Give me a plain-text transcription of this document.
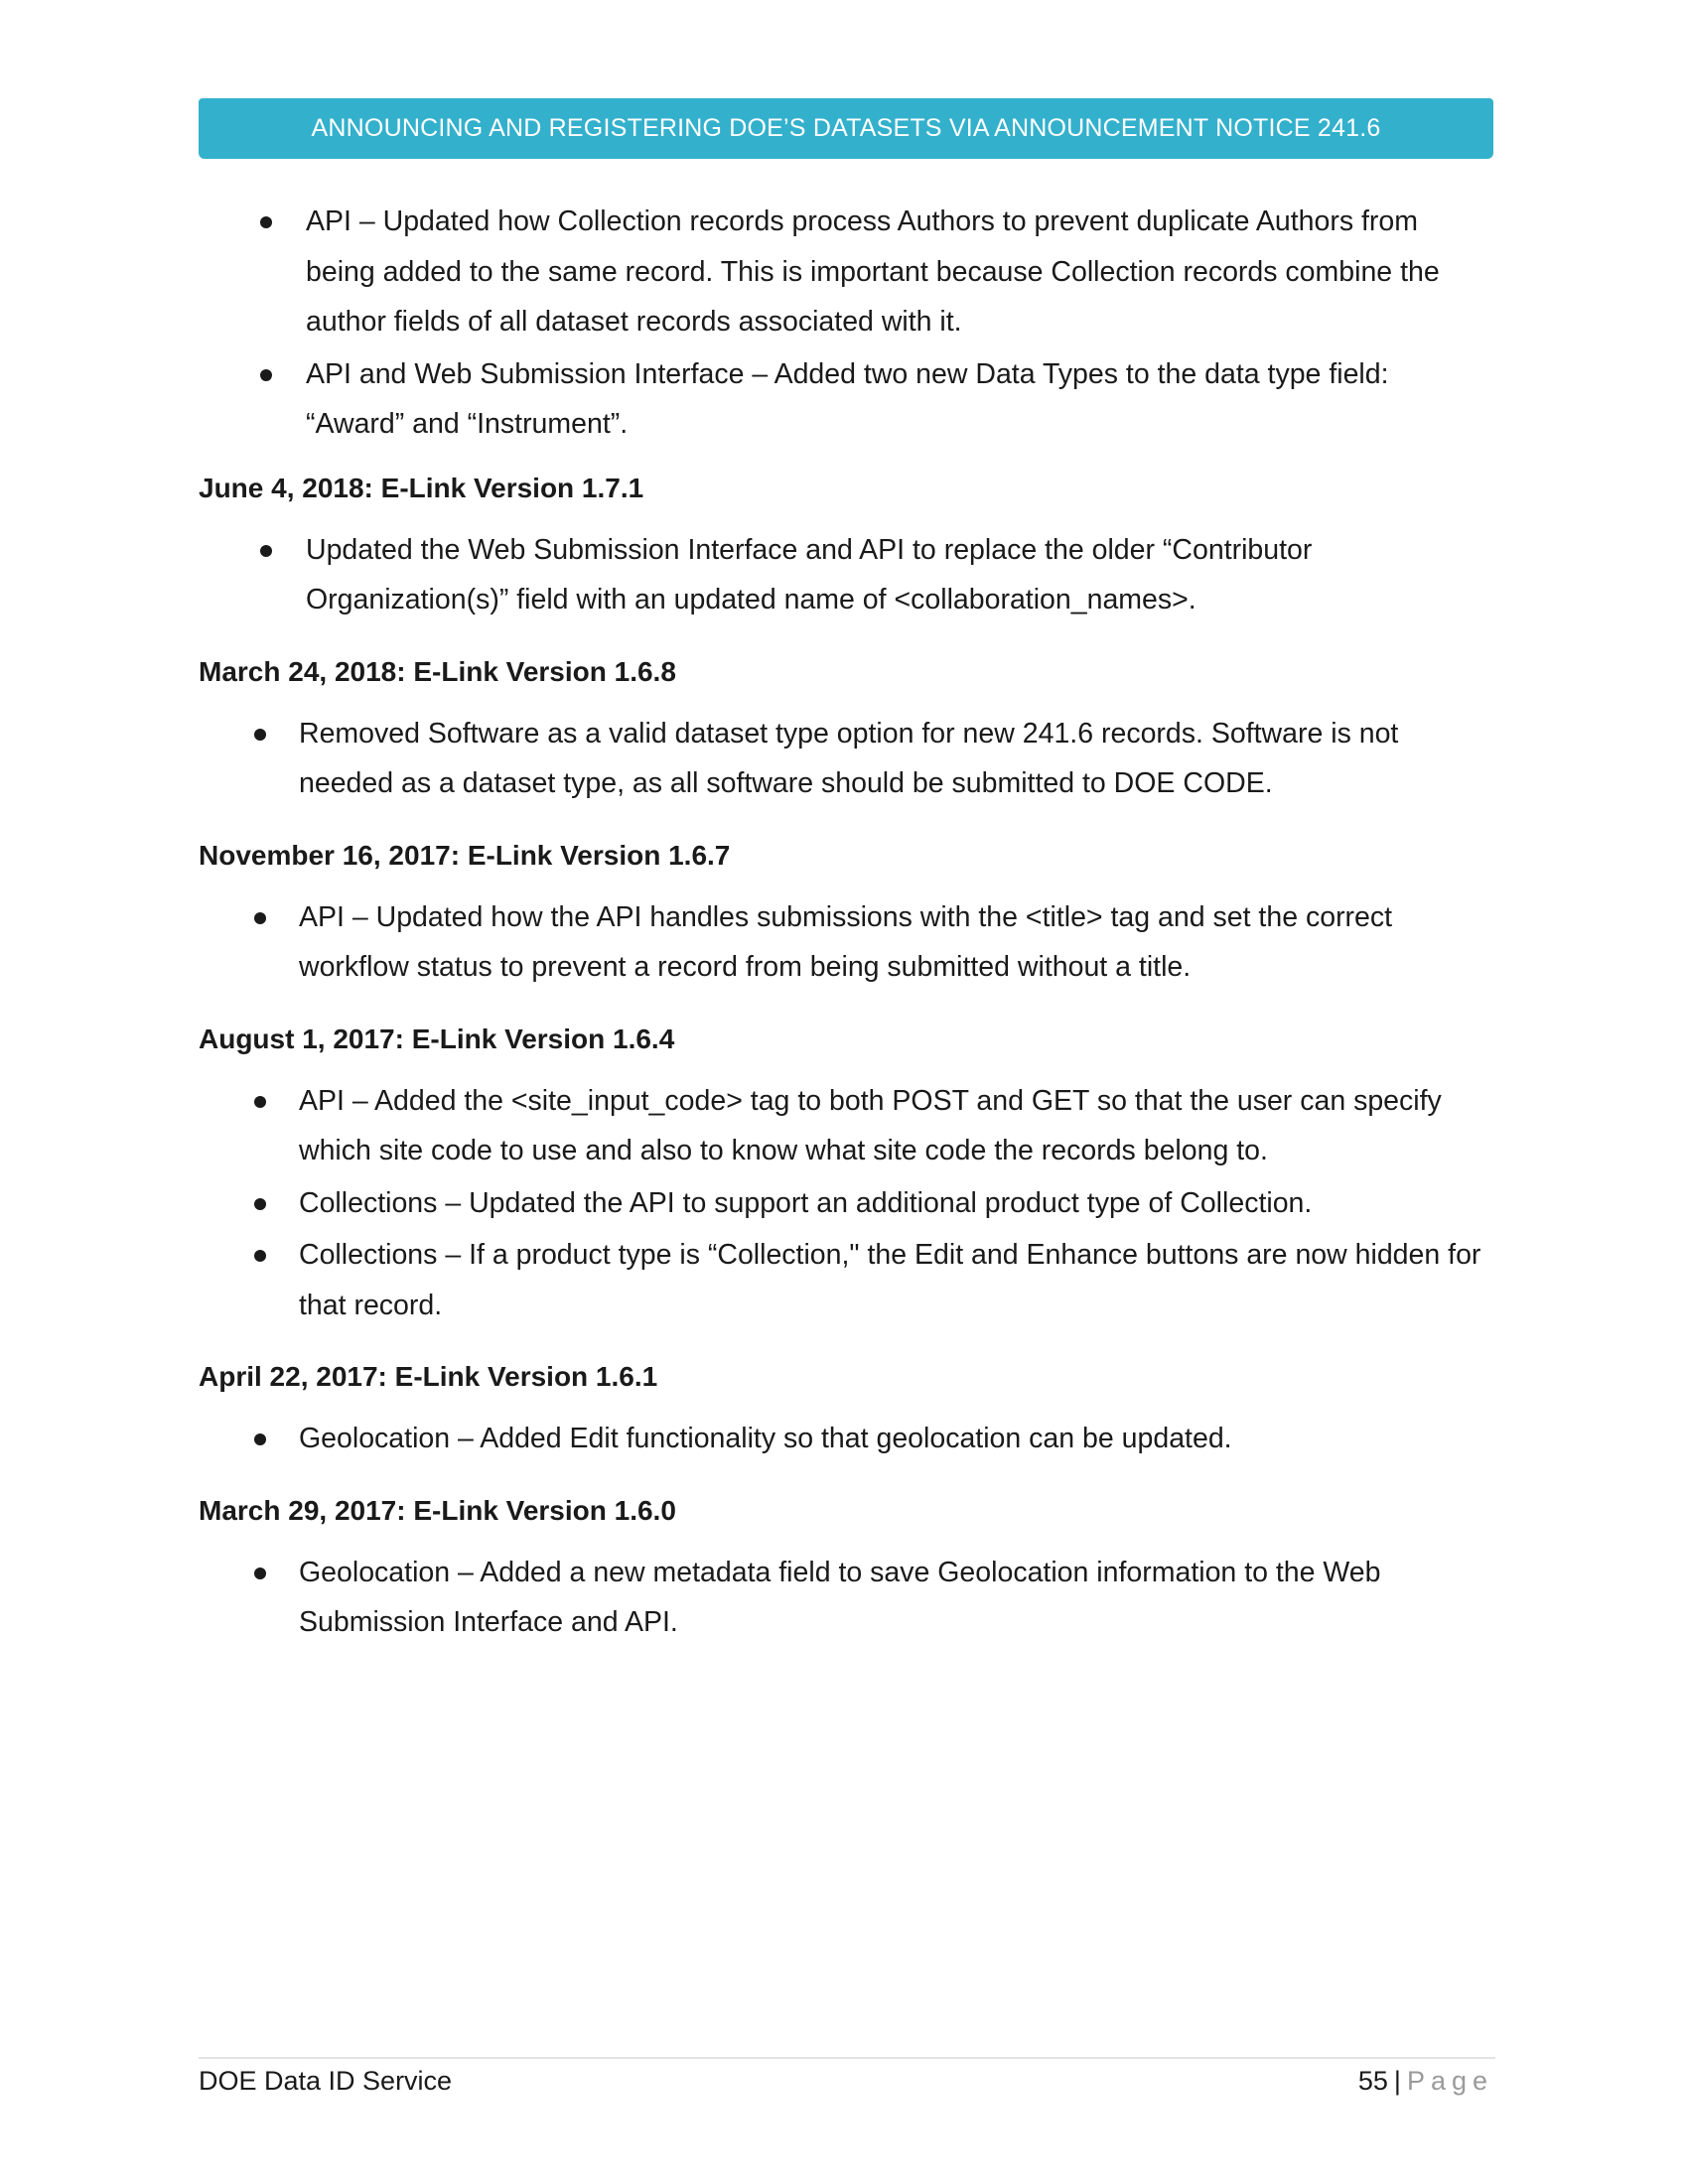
ANNOUNCING AND REGISTERING DOE’S DATASETS VIA ANNOUNCEMENT NOTICE 241.6
API – Updated how Collection records process Authors to prevent duplicate Authors from being added to the same record. This is important because Collection records combine the author fields of all dataset records associated with it.
API and Web Submission Interface – Added two new Data Types to the data type field: “Award” and “Instrument”.

June 4, 2018: E-Link Version 1.7.1

Updated the Web Submission Interface and API to replace the older “Contributor Organization(s)” field with an updated name of <collaboration_names>.

March 24, 2018: E-Link Version 1.6.8

Removed Software as a valid dataset type option for new 241.6 records. Software is not needed as a dataset type, as all software should be submitted to DOE CODE.

November 16, 2017: E-Link Version 1.6.7

API – Updated how the API handles submissions with the <title> tag and set the correct workflow status to prevent a record from being submitted without a title.

August 1, 2017: E-Link Version 1.6.4

API – Added the <site_input_code> tag to both POST and GET so that the user can specify which site code to use and also to know what site code the records belong to.
Collections – Updated the API to support an additional product type of Collection.
Collections – If a product type is “Collection," the Edit and Enhance buttons are now hidden for that record.

April 22, 2017: E-Link Version 1.6.1

Geolocation – Added Edit functionality so that geolocation can be updated.

March 29, 2017: E-Link Version 1.6.0

Geolocation – Added a new metadata field to save Geolocation information to the Web Submission Interface and API.
DOE Data ID Service	55 | Page
